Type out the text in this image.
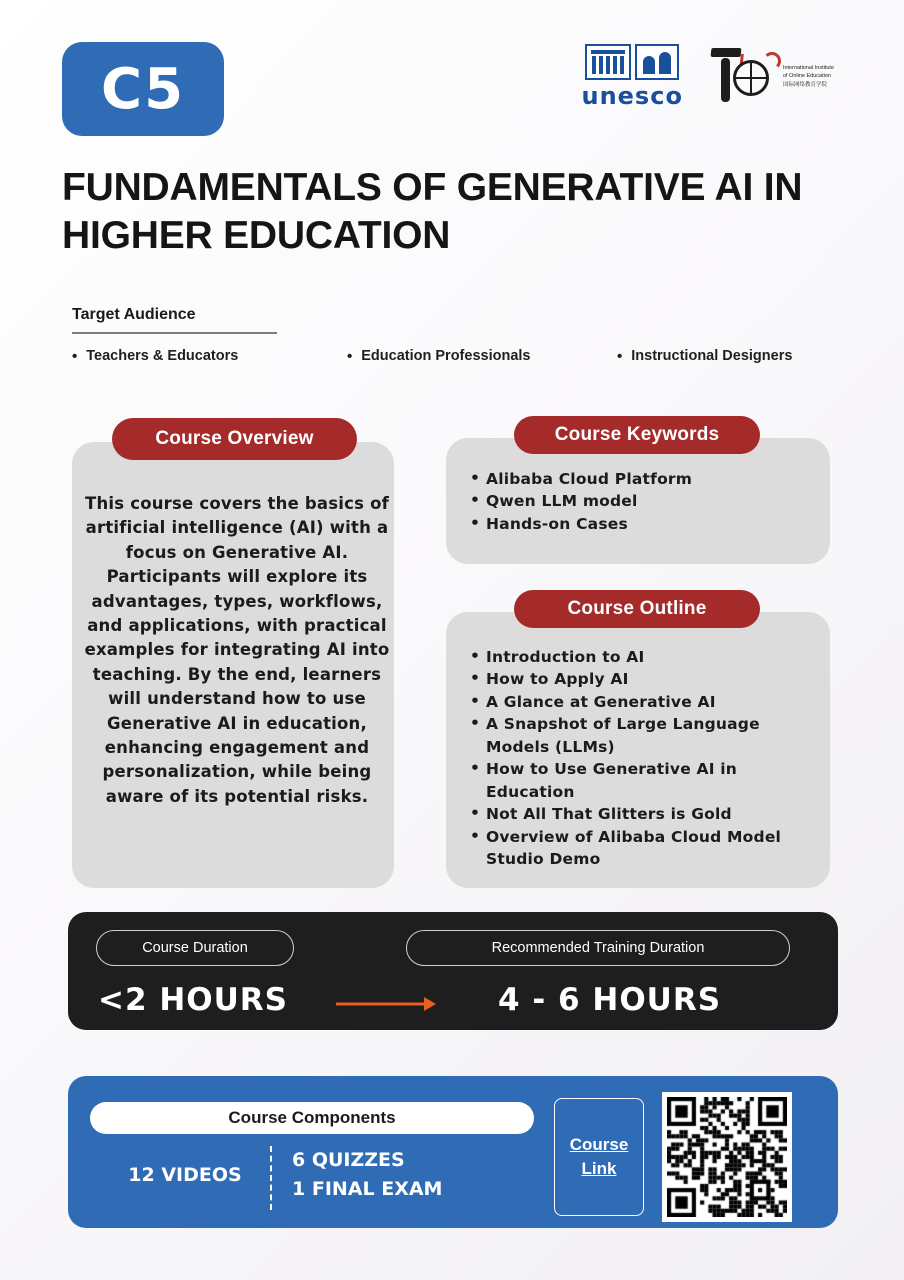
C5	unesco
International Institute
of Online Education
国际网络教育学院
FUNDAMENTALS OF GENERATIVE AI IN HIGHER EDUCATION
Target Audience
• Teachers & Educators	• Education Professionals	• Instructional Designers
Course Overview
This course covers the basics of artificial intelligence (AI) with a focus on Generative AI. Participants will explore its advantages, types, workflows, and applications, with practical examples for integrating AI into teaching. By the end, learners will understand how to use Generative AI in education, enhancing engagement and personalization, while being aware of its potential risks.
Course Keywords
• Alibaba Cloud Platform
• Qwen LLM model
• Hands-on Cases
Course Outline
• Introduction to AI
• How to Apply AI
• A Glance at Generative AI
• A Snapshot of Large Language Models (LLMs)
• How to Use Generative AI in Education
• Not All That Glitters is Gold
• Overview of Alibaba Cloud Model Studio Demo
Course Duration	Recommended Training Duration
<2 HOURS	4 - 6 HOURS
Course Components
12 VIDEOS
6 QUIZZES
1 FINAL EXAM
Course Link
